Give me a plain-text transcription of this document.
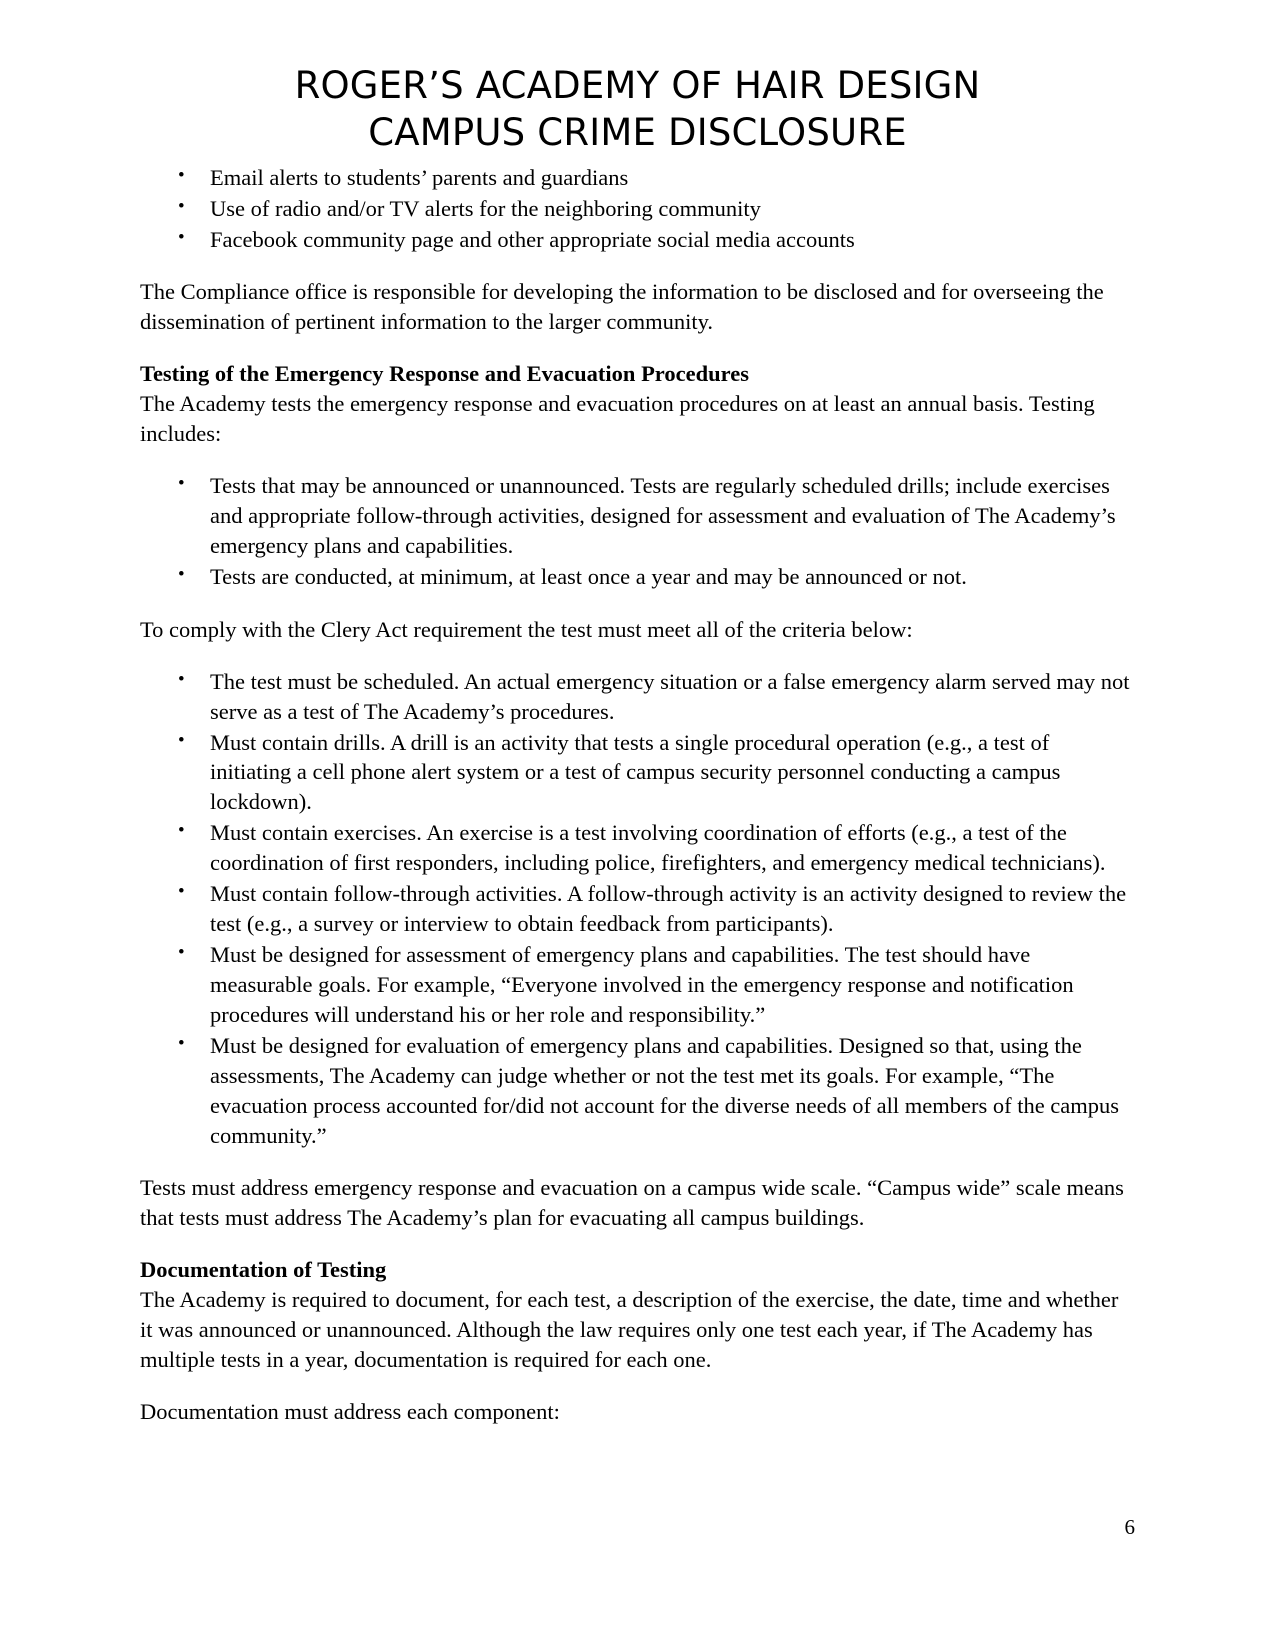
ROGER’S ACADEMY OF HAIR DESIGN
CAMPUS CRIME DISCLOSURE
• Email alerts to students’ parents and guardians
• Use of radio and/or TV alerts for the neighboring community
• Facebook community page and other appropriate social media accounts

The Compliance office is responsible for developing the information to be disclosed and for overseeing the dissemination of pertinent information to the larger community.

Testing of the Emergency Response and Evacuation Procedures

The Academy tests the emergency response and evacuation procedures on at least an annual basis. Testing includes:

• Tests that may be announced or unannounced. Tests are regularly scheduled drills; include exercises and appropriate follow-through activities, designed for assessment and evaluation of The Academy’s emergency plans and capabilities.
• Tests are conducted, at minimum, at least once a year and may be announced or not.

To comply with the Clery Act requirement the test must meet all of the criteria below:

• The test must be scheduled. An actual emergency situation or a false emergency alarm served may not serve as a test of The Academy’s procedures.
• Must contain drills. A drill is an activity that tests a single procedural operation (e.g., a test of initiating a cell phone alert system or a test of campus security personnel conducting a campus lockdown).
• Must contain exercises. An exercise is a test involving coordination of efforts (e.g., a test of the coordination of first responders, including police, firefighters, and emergency medical technicians).
• Must contain follow-through activities. A follow-through activity is an activity designed to review the test (e.g., a survey or interview to obtain feedback from participants).
• Must be designed for assessment of emergency plans and capabilities. The test should have measurable goals. For example, “Everyone involved in the emergency response and notification procedures will understand his or her role and responsibility.”
• Must be designed for evaluation of emergency plans and capabilities. Designed so that, using the assessments, The Academy can judge whether or not the test met its goals. For example, “The evacuation process accounted for/did not account for the diverse needs of all members of the campus community.”

Tests must address emergency response and evacuation on a campus wide scale. “Campus wide” scale means that tests must address The Academy’s plan for evacuating all campus buildings.

Documentation of Testing

The Academy is required to document, for each test, a description of the exercise, the date, time and whether it was announced or unannounced. Although the law requires only one test each year, if The Academy has multiple tests in a year, documentation is required for each one.

Documentation must address each component:

6
